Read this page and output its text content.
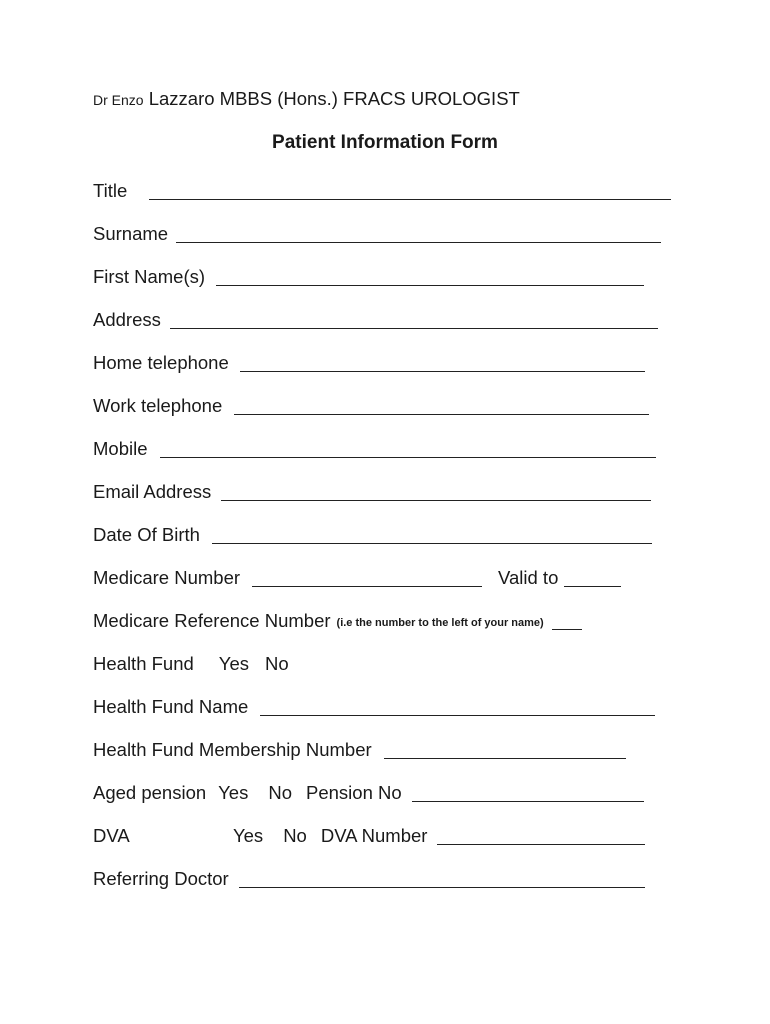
Dr Enzo Lazzaro MBBS (Hons.) FRACS UROLOGIST
Patient Information Form
Title
Surname
First Name(s)
Address
Home telephone
Work telephone
Mobile
Email Address
Date Of Birth
Medicare Number	Valid to
Medicare Reference Number (i.e the number to the left of your name)
Health Fund Yes No
Health Fund Name
Health Fund Membership Number
Aged pension Yes No Pension No
DVA	Yes No DVA Number
Referring Doctor
